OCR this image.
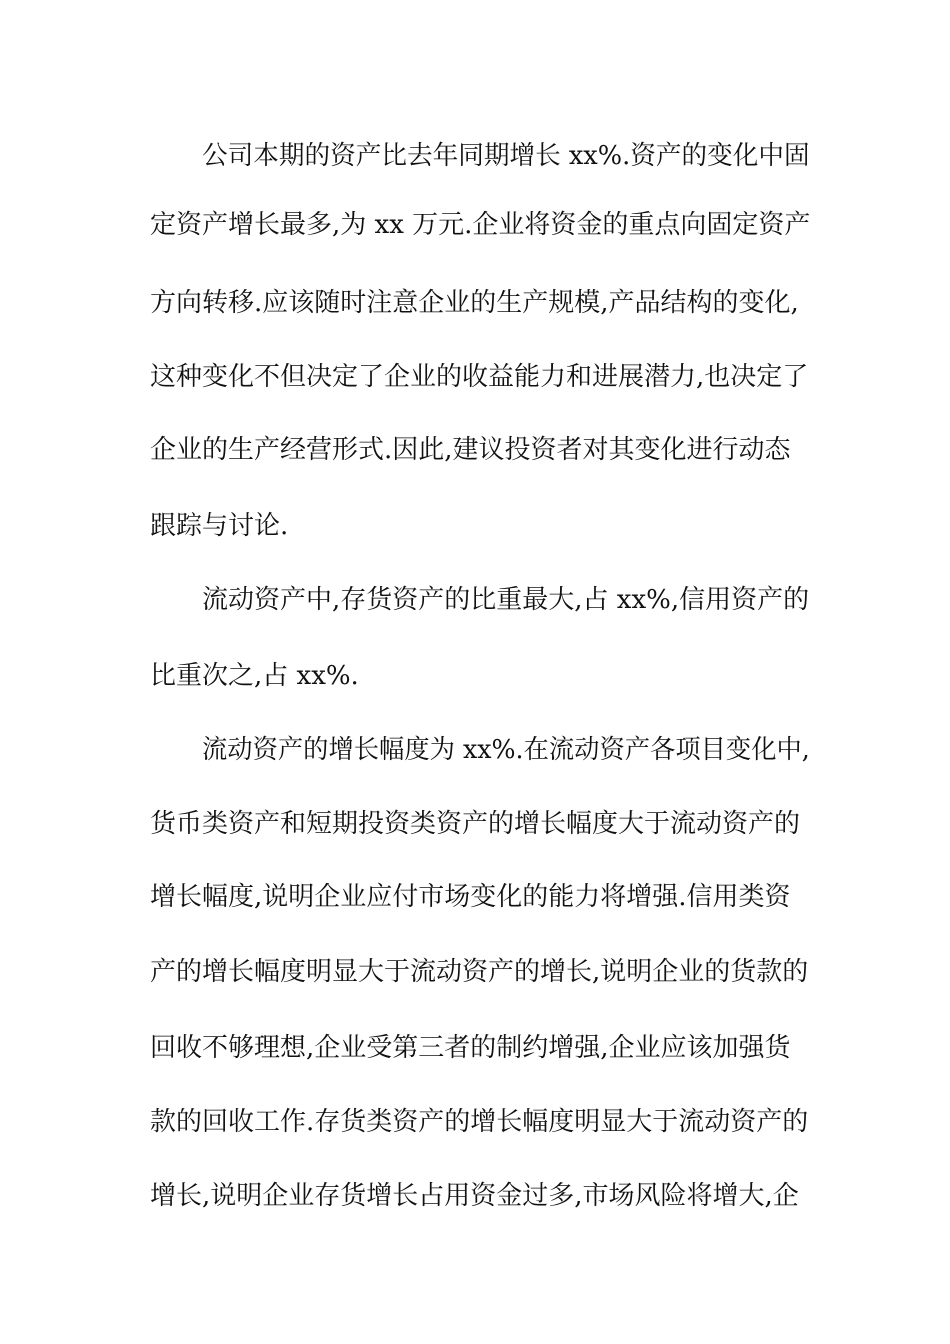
公司本期的资产比去年同期增长 xx%.资产的变化中固
定资产增长最多,为 xx 万元.企业将资金的重点向固定资产
方向转移.应该随时注意企业的生产规模,产品结构的变化,
这种变化不但决定了企业的收益能力和进展潜力,也决定了
企业的生产经营形式.因此,建议投资者对其变化进行动态
跟踪与讨论.
流动资产中,存货资产的比重最大,占 xx%,信用资产的
比重次之,占 xx%.
流动资产的增长幅度为 xx%.在流动资产各项目变化中,
货币类资产和短期投资类资产的增长幅度大于流动资产的
增长幅度,说明企业应付市场变化的能力将增强.信用类资
产的增长幅度明显大于流动资产的增长,说明企业的货款的
回收不够理想,企业受第三者的制约增强,企业应该加强货
款的回收工作.存货类资产的增长幅度明显大于流动资产的
增长,说明企业存货增长占用资金过多,市场风险将增大,企
